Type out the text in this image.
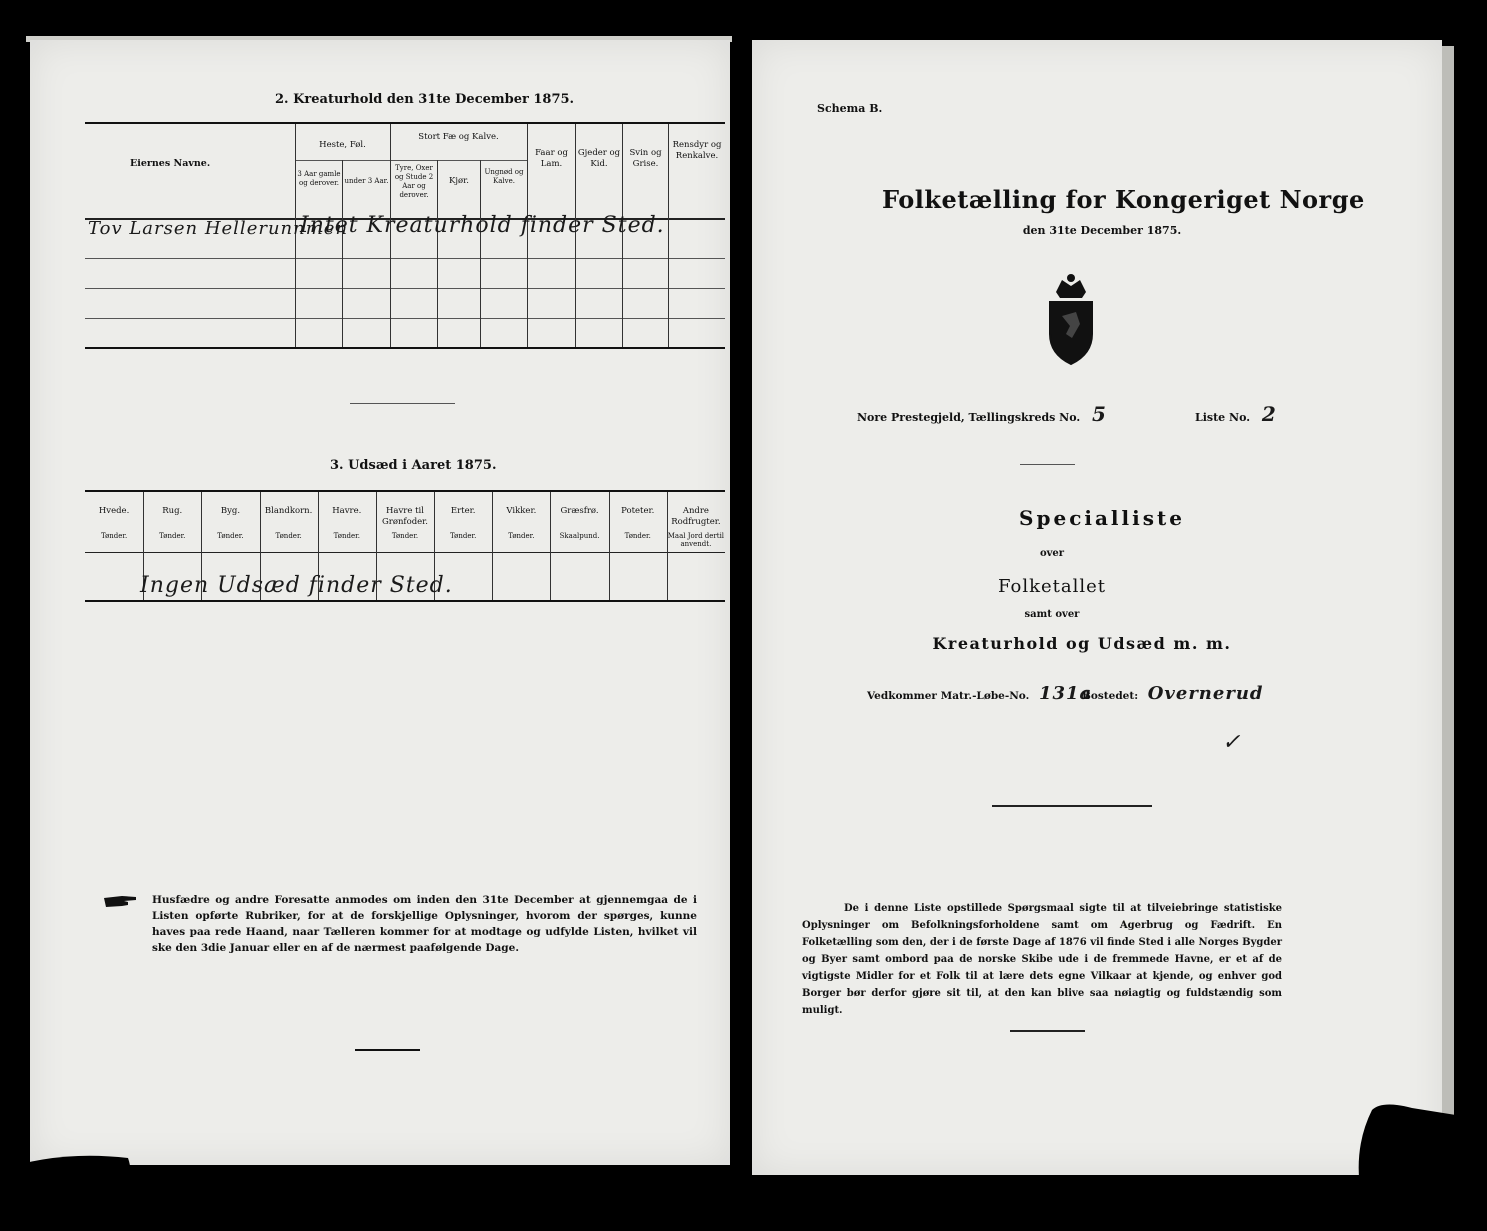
2. Kreaturhold den 31te December 1875.
Eiernes Navne.
Heste, Føl.
Stort Fæ og Kalve.
3 Aar gamle og derover. under 3 Aar.
Tyre, Oxer og Stude 2 Aar og derover.
Kjør.
Ungnød og Kalve.
Faar og Lam.
Gjeder og Kid.
Svin og Grise.
Rensdyr og Renkalve.
Tov Larsen Hellerunnmen
Intet Kreaturhold finder Sted.
3. Udsæd i Aaret 1875.
Hvede.
Tønder.
Rug.
Tønder.
Byg.
Tønder.
Blandkorn.
Tønder.
Havre.
Tønder.
Havre til Grønfoder.
Tønder.
Erter.
Tønder.
Vikker.
Tønder.
Græsfrø.
Skaalpund.
Poteter.
Tønder.
Andre Rodfrugter.
Maal Jord dertil anvendt.
Ingen Udsæd finder Sted.
Husfædre og andre Foresatte anmodes om inden den 31te December at gjennemgaa de i Listen opførte Rubriker, for at de forskjellige Oplysninger, hvorom der spørges, kunne haves paa rede Haand, naar Tælleren kommer for at modtage og udfylde Listen, hvilket vil ske den 3die Januar eller en af de nærmest paafølgende Dage.
Schema B.
Folketælling for Kongeriget Norge
den 31te December 1875.
Nore Prestegjeld, Tællingskreds No. 5	Liste No. 2
Specialliste
over
Folketallet
samt over
Kreaturhold og Udsæd m. m.
Vedkommer Matr.-Løbe-No. 131a
Bostedet: Overnerud
✓
De i denne Liste opstillede Spørgsmaal sigte til at tilveiebringe statistiske Oplysninger om Befolkningsforholdene samt om Agerbrug og Fædrift. En Folketælling som den, der i de første Dage af 1876 vil finde Sted i alle Norges Bygder og Byer samt ombord paa de norske Skibe ude i de fremmede Havne, er et af de vigtigste Midler for et Folk til at lære dets egne Vilkaar at kjende, og enhver god Borger bør derfor gjøre sit til, at den kan blive saa nøiagtig og fuldstændig som muligt.
